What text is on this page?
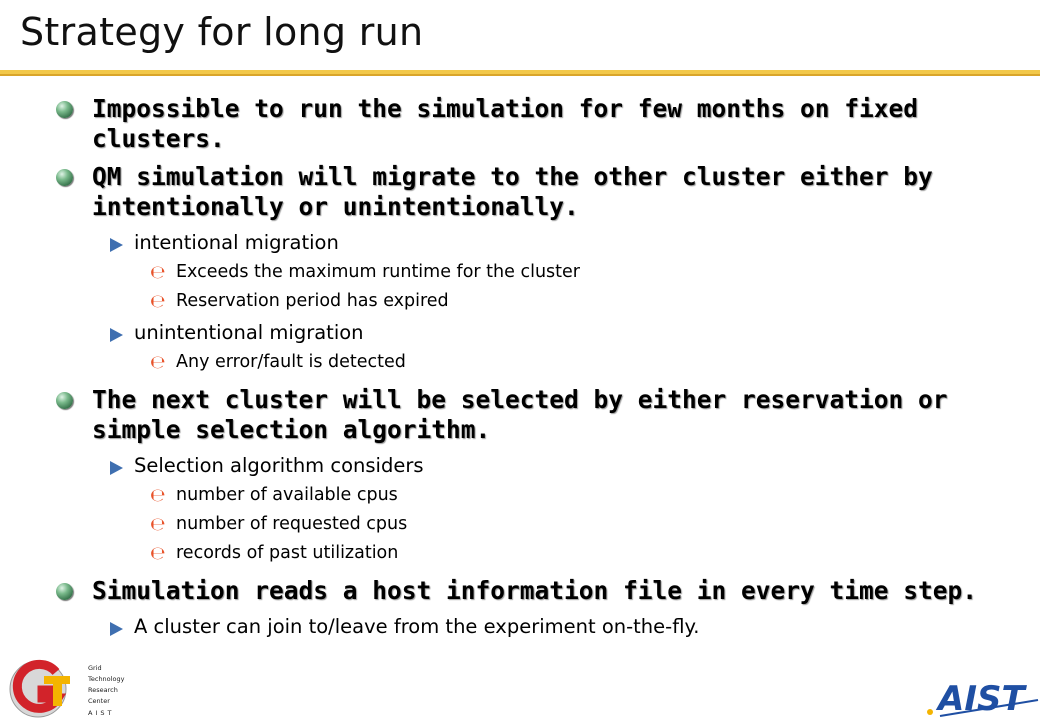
Strategy for long run
Impossible to run the simulation for few months on fixed clusters.
QM simulation will migrate to the other cluster either by intentionally or unintentionally.
intentional migration
℮ Exceeds the maximum runtime for the cluster
℮ Reservation period has expired
unintentional migration
℮ Any error/fault is detected
The next cluster will be selected by either reservation or simple selection algorithm.
Selection algorithm considers
℮ number of available cpus
℮ number of requested cpus
℮ records of past utilization
Simulation reads a host information file in every time step.
A cluster can join to/leave from the experiment on-the-fly.
Grid
Technology
Research
Center
AIST	AIST
